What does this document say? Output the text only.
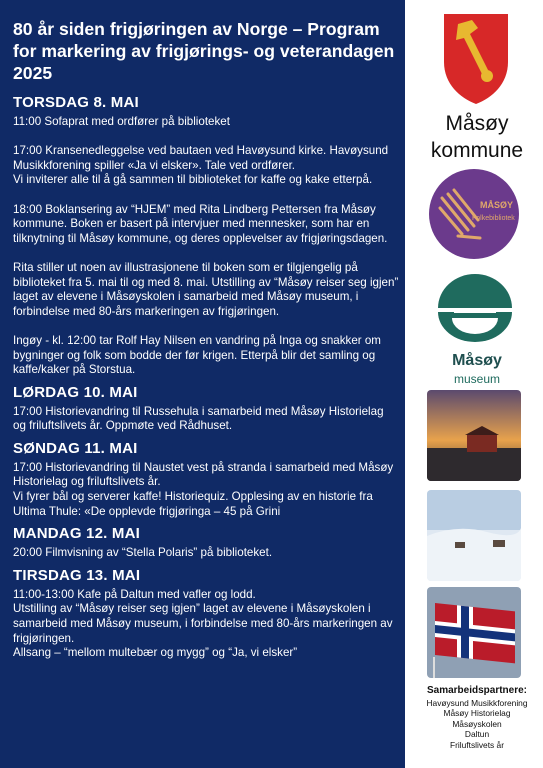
80 år siden frigjøringen av Norge – Program for markering av frigjørings- og veterandagen 2025
TORSDAG 8. MAI
11:00 Sofaprat med ordfører på biblioteket
17:00 Kransenedleggelse ved bautaen ved Havøysund kirke. Havøysund Musikkforening spiller «Ja vi elsker». Tale ved ordfører.
Vi inviterer alle til å gå sammen til biblioteket for kaffe og kake etterpå.
18:00 Boklansering av “HJEM” med Rita Lindberg Pettersen fra Måsøy kommune. Boken er basert på intervjuer med mennesker, som har en tilknytning til Måsøy kommune, og deres opplevelser av frigjøringsdagen.
Rita stiller ut noen av illustrasjonene til boken som er tilgjengelig på biblioteket fra 5. mai til og med 8. mai. Utstilling av “Måsøy reiser seg igjen” laget av elevene i Måsøyskolen i samarbeid med Måsøy museum, i forbindelse med 80-års markeringen av frigjøringen.
Ingøy - kl. 12:00 tar Rolf Hay Nilsen en vandring på Inga og snakker om bygninger og folk som bodde der før krigen. Etterpå blir det samling og kaffe/kaker på Storstua.
LØRDAG 10. MAI
17:00 Historievandring til Russehula i samarbeid med Måsøy Historielag og friluftslivets år. Oppmøte ved Rådhuset.
SØNDAG 11. MAI
17:00 Historievandring til Naustet vest på stranda i samarbeid med Måsøy Historielag og friluftslivets år.
Vi fyrer bål og serverer kaffe! Historiequiz. Opplesing av en historie fra Ultima Thule: «De opplevde frigjøringa – 45 på Grini
MANDAG 12. MAI
20:00 Filmvisning av “Stella Polaris” på biblioteket.
TIRSDAG 13. MAI
11:00-13:00 Kafe på Daltun med vafler og lodd.
Utstilling av “Måsøy reiser seg igjen” laget av elevene i Måsøyskolen i samarbeid med Måsøy museum, i forbindelse med 80-års markeringen av frigjøringen.
Allsang – “mellom multebær og mygg” og “Ja, vi elsker”
Måsøy
kommune
MÅSØY
Folkebibliotek
Måsøy
museum
Samarbeidspartnere:
Havøysund Musikkforening
Måsøy Historielag
Måsøyskolen
Daltun
Friluftslivets år
